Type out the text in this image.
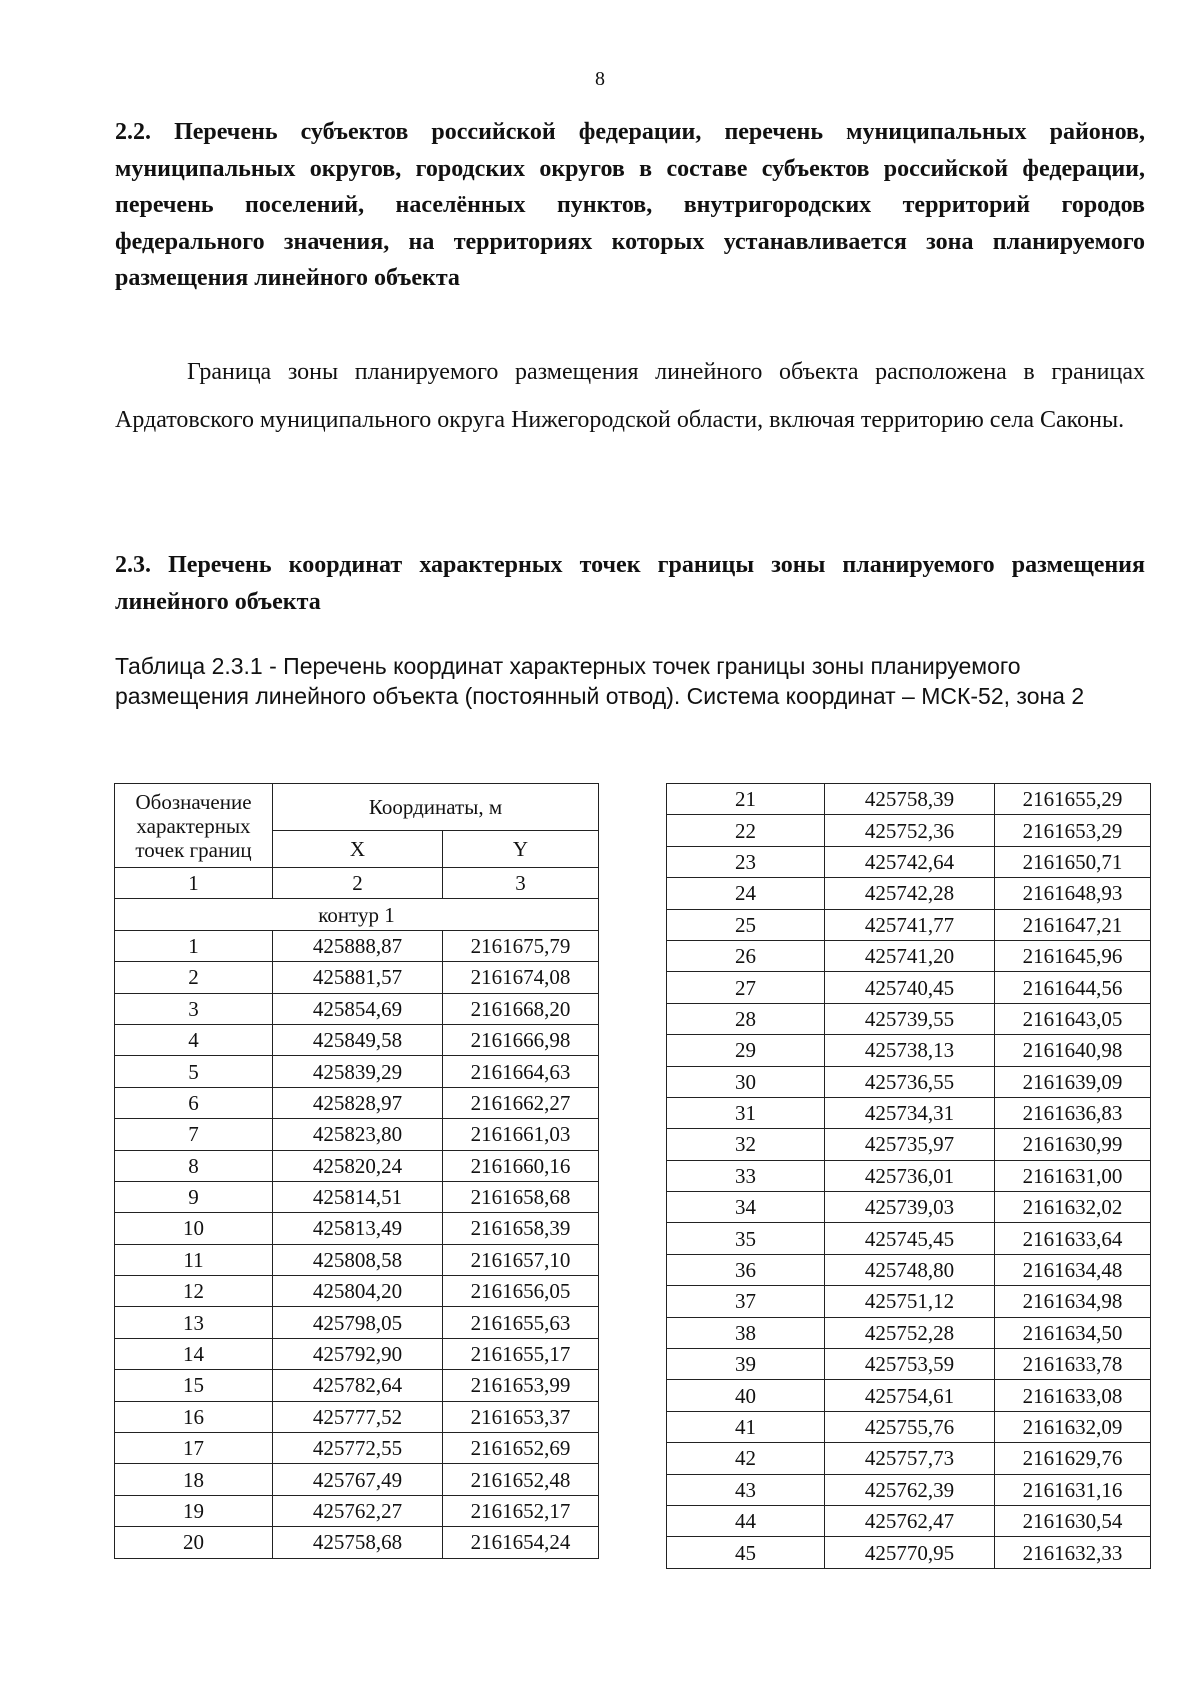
8

2.2. Перечень субъектов российской федерации, перечень муниципальных районов, муниципальных округов, городских округов в составе субъектов российской федерации, перечень поселений, населённых пунктов, внутригородских территорий городов федерального значения, на территориях которых устанавливается зона планируемого размещения линейного объекта

Граница зоны планируемого размещения линейного объекта расположена в границах Ардатовского муниципального округа Нижегородской области, включая территорию села Саконы.

2.3. Перечень координат характерных точек границы зоны планируемого размещения линейного объекта

Таблица 2.3.1 - Перечень координат характерных точек границы зоны планируемого размещения линейного объекта (постоянный отвод). Система координат – МСК-52, зона 2

Обозначение характерных точек границ	Координаты, м	
	X	Y
1	2	3
контур 1		
1	425888,87	2161675,79
2	425881,57	2161674,08
3	425854,69	2161668,20
4	425849,58	2161666,98
5	425839,29	2161664,63
6	425828,97	2161662,27
7	425823,80	2161661,03
8	425820,24	2161660,16
9	425814,51	2161658,68
10	425813,49	2161658,39
11	425808,58	2161657,10
12	425804,20	2161656,05
13	425798,05	2161655,63
14	425792,90	2161655,17
15	425782,64	2161653,99
16	425777,52	2161653,37
17	425772,55	2161652,69
18	425767,49	2161652,48
19	425762,27	2161652,17
20	425758,68	2161654,24
21	425758,39	2161655,29
22	425752,36	2161653,29
23	425742,64	2161650,71
24	425742,28	2161648,93
25	425741,77	2161647,21
26	425741,20	2161645,96
27	425740,45	2161644,56
28	425739,55	2161643,05
29	425738,13	2161640,98
30	425736,55	2161639,09
31	425734,31	2161636,83
32	425735,97	2161630,99
33	425736,01	2161631,00
34	425739,03	2161632,02
35	425745,45	2161633,64
36	425748,80	2161634,48
37	425751,12	2161634,98
38	425752,28	2161634,50
39	425753,59	2161633,78
40	425754,61	2161633,08
41	425755,76	2161632,09
42	425757,73	2161629,76
43	425762,39	2161631,16
44	425762,47	2161630,54
45	425770,95	2161632,33
